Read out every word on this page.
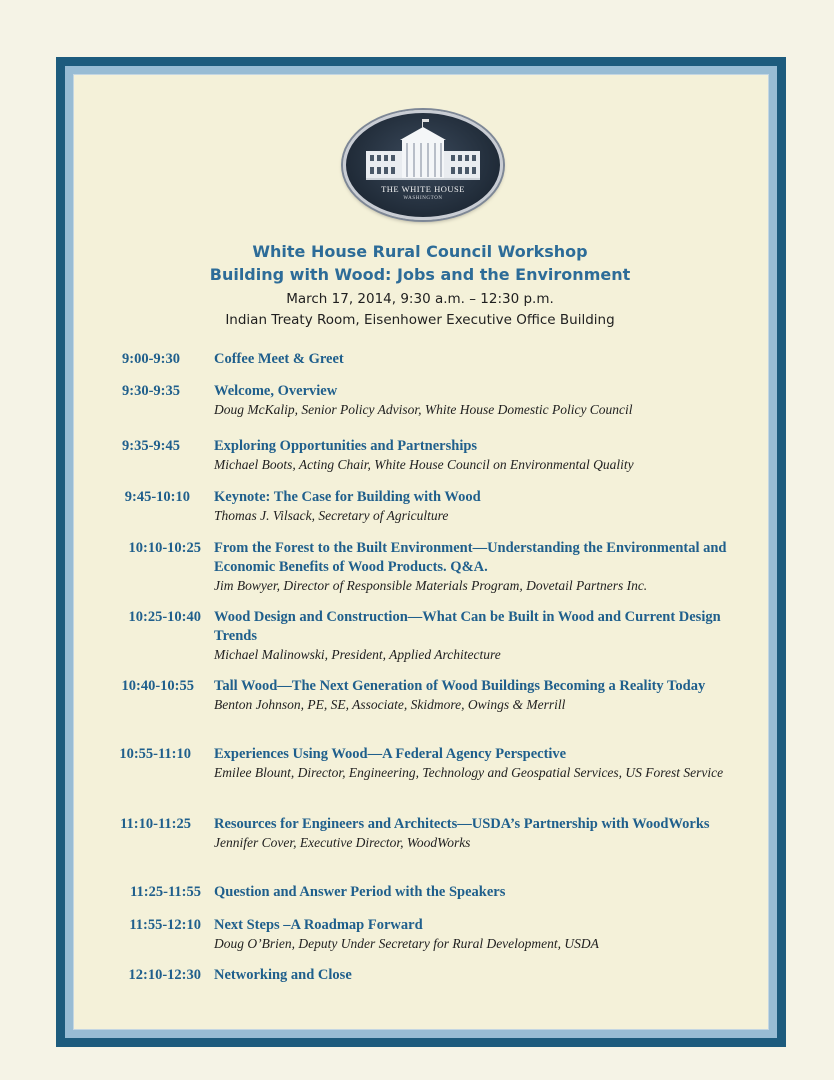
THE WHITE HOUSE
WASHINGTON
White House Rural Council Workshop
Building with Wood: Jobs and the Environment
March 17, 2014, 9:30 a.m. – 12:30 p.m.
Indian Treaty Room, Eisenhower Executive Office Building
9:00-9:30 Coffee Meet & Greet
9:30-9:35 Welcome, Overview
Doug McKalip, Senior Policy Advisor, White House Domestic Policy Council
9:35-9:45 Exploring Opportunities and Partnerships
Michael Boots, Acting Chair, White House Council on Environmental Quality
9:45-10:10 Keynote: The Case for Building with Wood
Thomas J. Vilsack, Secretary of Agriculture
10:10-10:25 From the Forest to the Built Environment—Understanding the Environmental and Economic Benefits of Wood Products. Q&A.
Jim Bowyer, Director of Responsible Materials Program, Dovetail Partners Inc.
10:25-10:40 Wood Design and Construction—What Can be Built in Wood and Current Design Trends
Michael Malinowski, President, Applied Architecture
10:40-10:55 Tall Wood—The Next Generation of Wood Buildings Becoming a Reality Today
Benton Johnson, PE, SE, Associate, Skidmore, Owings & Merrill
10:55-11:10 Experiences Using Wood—A Federal Agency Perspective
Emilee Blount, Director, Engineering, Technology and Geospatial Services, US Forest Service
11:10-11:25 Resources for Engineers and Architects—USDA’s Partnership with WoodWorks
Jennifer Cover, Executive Director, WoodWorks
11:25-11:55 Question and Answer Period with the Speakers
11:55-12:10 Next Steps –A Roadmap Forward
Doug O’Brien, Deputy Under Secretary for Rural Development, USDA
12:10-12:30 Networking and Close
